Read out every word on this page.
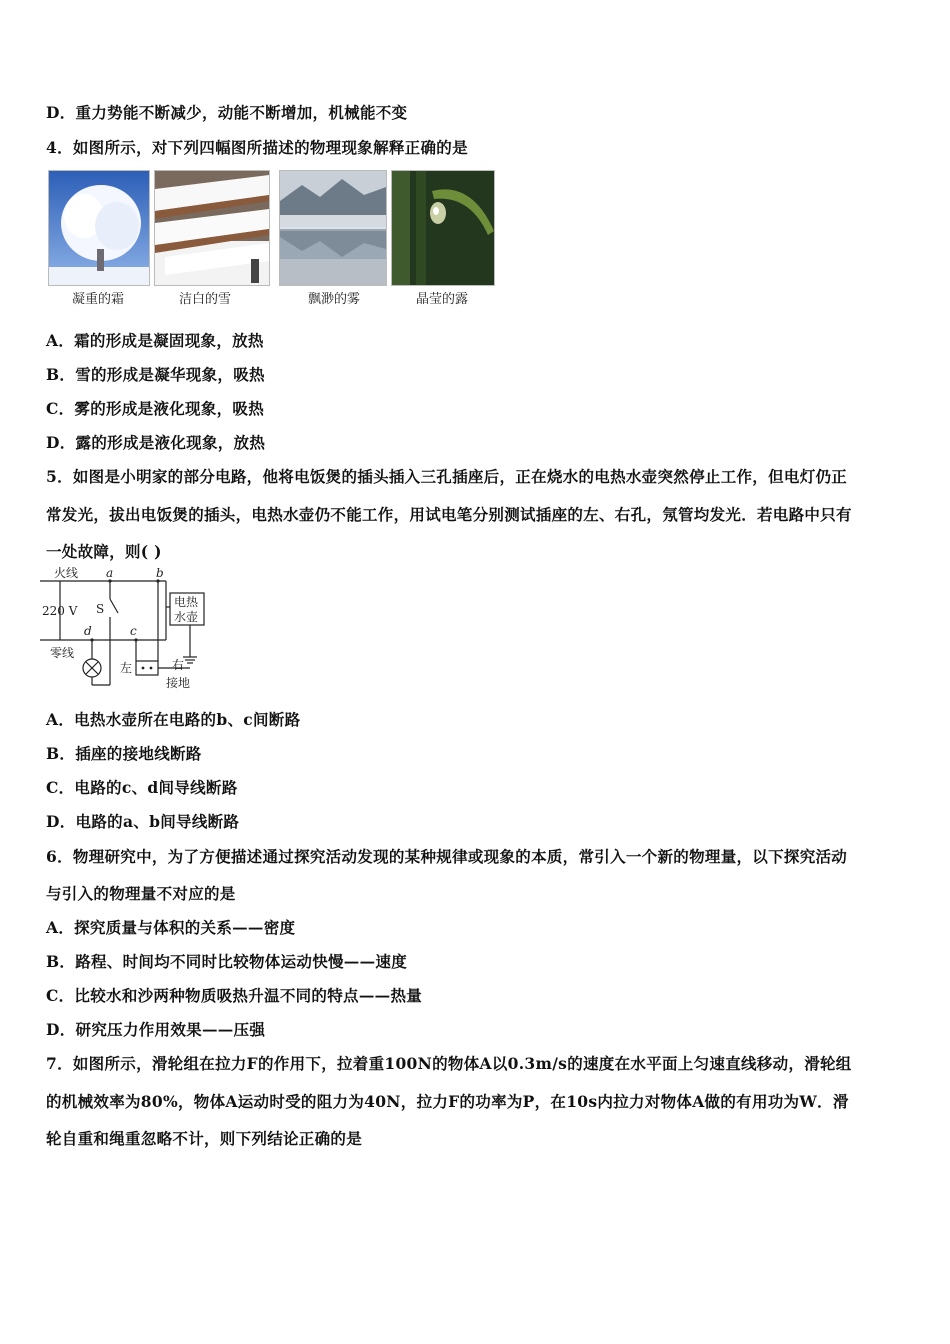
D．重力势能不断减少，动能不断增加，机械能不变
4．如图所示，对下列四幅图所描述的物理现象解释正确的是
凝重的霜	洁白的雪	飘渺的雾	晶莹的露
A．霜的形成是凝固现象，放热
B．雪的形成是凝华现象，吸热
C．雾的形成是液化现象，吸热
D．露的形成是液化现象，放热
5．如图是小明家的部分电路，他将电饭煲的插头插入三孔插座后，正在烧水的电热水壶突然停止工作，但电灯仍正
常发光，拔出电饭煲的插头，电热水壶仍不能工作，用试电笔分别测试插座的左、右孔，氖管均发光．若电路中只有
一处故障，则( )
火线
零线
220 V
a	b
c
d
S	电热
水壶
左	右
接地
A．电热水壶所在电路的b、c间断路
B．插座的接地线断路
C．电路的c、d间导线断路
D．电路的a、b间导线断路
6．物理研究中，为了方便描述通过探究活动发现的某种规律或现象的本质，常引入一个新的物理量，以下探究活动
与引入的物理量不对应的是
A．探究质量与体积的关系——密度
B．路程、时间均不同时比较物体运动快慢——速度
C．比较水和沙两种物质吸热升温不同的特点——热量
D．研究压力作用效果——压强
7．如图所示，滑轮组在拉力F的作用下，拉着重100N的物体A以0.3m/s的速度在水平面上匀速直线移动，滑轮组
的机械效率为80%，物体A运动时受的阻力为40N，拉力F的功率为P，在10s内拉力对物体A做的有用功为W．滑
轮自重和绳重忽略不计，则下列结论正确的是
